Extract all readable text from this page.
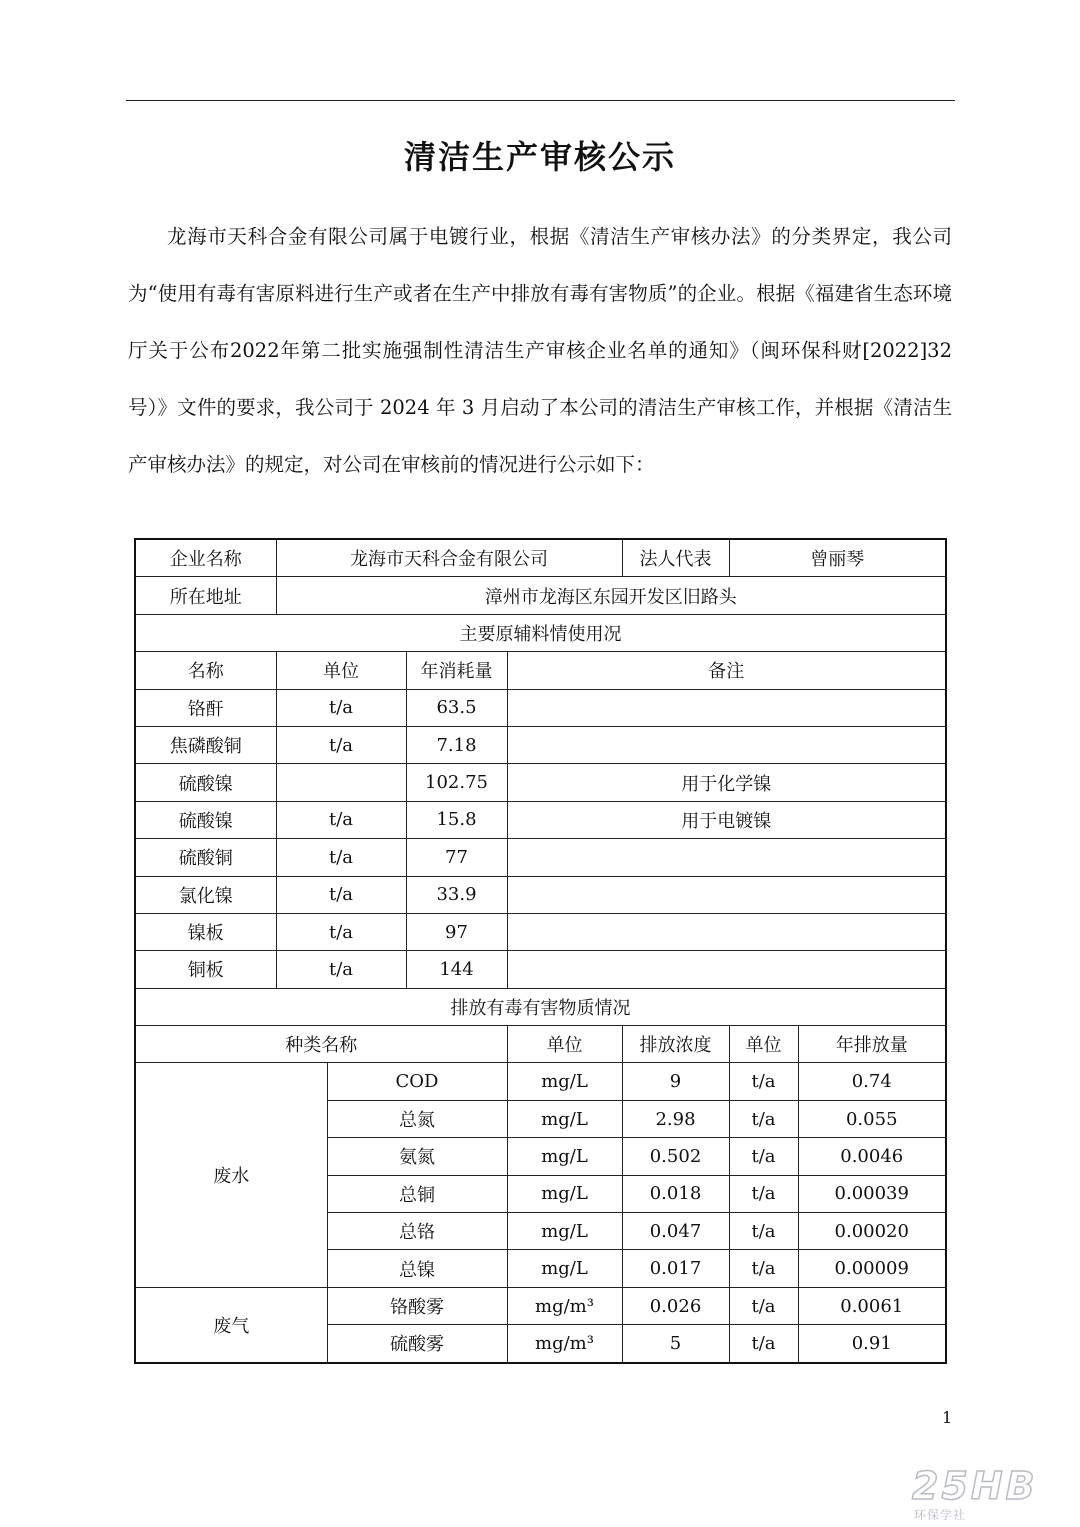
清洁生产审核公示

龙海市天科合金有限公司属于电镀行业，根据《清洁生产审核办法》的分类界定，我公司为“使用有毒有害原料进行生产或者在生产中排放有毒有害物质”的企业。根据《福建省生态环境厅关于公布2022年第二批实施强制性清洁生产审核企业名单的通知》（闽环保科财[2022]32号）》文件的要求，我公司于 2024 年 3 月启动了本公司的清洁生产审核工作，并根据《清洁生产审核办法》的规定，对公司在审核前的情况进行公示如下：

企业名称	龙海市天科合金有限公司				法人代表	曾丽琴	
所在地址	漳州市龙海区东园开发区旧路头						
主要原辅料情使用况							
名称	单位		年消耗量	备注			
铬酐	t/a		63.5				
焦磷酸铜	t/a		7.18				
硫酸镍			102.75	用于化学镍			
硫酸镍	t/a		15.8	用于电镀镍			
硫酸铜	t/a		77				
氯化镍	t/a		33.9				
镍板	t/a		97				
铜板	t/a		144				
排放有毒有害物质情况							
种类名称				单位	排放浓度	单位	年排放量
废水		COD		mg/L	9	t/a	0.74
		总氮		mg/L	2.98	t/a	0.055
		氨氮		mg/L	0.502	t/a	0.0046
		总铜		mg/L	0.018	t/a	0.00039
		总铬		mg/L	0.047	t/a	0.00020
		总镍		mg/L	0.017	t/a	0.00009
废气		铬酸雾		mg/m³	0.026	t/a	0.0061
		硫酸雾		mg/m³	5	t/a	0.91
1
25HB
环保学社
